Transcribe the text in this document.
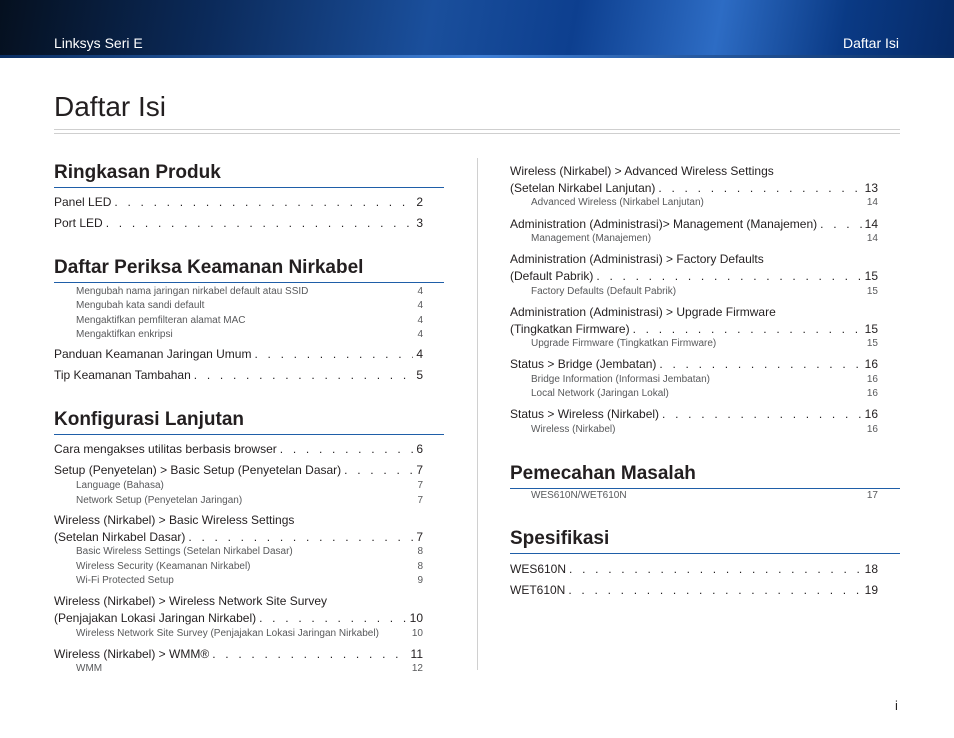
Linksys Seri E	Daftar Isi
Daftar Isi
Ringkasan Produk
Panel LED . . .	2
Port LED . . .	3
Daftar Periksa Keamanan Nirkabel
Mengubah nama jaringan nirkabel default atau SSID	4
Mengubah kata sandi default	4
Mengaktifkan pemfilteran alamat MAC	4
Mengaktifkan enkripsi	4
Panduan Keamanan Jaringan Umum . . .	4
Tip Keamanan Tambahan . . .	5
Konfigurasi Lanjutan
Cara mengakses utilitas berbasis browser . . .	6
Setup (Penyetelan) > Basic Setup (Penyetelan Dasar) . . .	7
Language (Bahasa)	7
Network Setup (Penyetelan Jaringan)	7
Wireless (Nirkabel) > Basic Wireless Settings
(Setelan Nirkabel Dasar) . . .	7
Basic Wireless Settings (Setelan Nirkabel Dasar)	8
Wireless Security (Keamanan Nirkabel)	8
Wi-Fi Protected Setup	9
Wireless (Nirkabel) > Wireless Network Site Survey
(Penjajakan Lokasi Jaringan Nirkabel) . . .	10
Wireless Network Site Survey (Penjajakan Lokasi Jaringan Nirkabel)	10
Wireless (Nirkabel) > WMM® . . .	11
WMM	12
Wireless (Nirkabel) > Advanced Wireless Settings
(Setelan Nirkabel Lanjutan) . . .	13
Advanced Wireless (Nirkabel Lanjutan)	14
Administration (Administrasi)> Management (Manajemen) . . .	14
Management (Manajemen)	14
Administration (Administrasi) > Factory Defaults
(Default Pabrik) . . .	15
Factory Defaults (Default Pabrik)	15
Administration (Administrasi) > Upgrade Firmware
(Tingkatkan Firmware) . . .	15
Upgrade Firmware (Tingkatkan Firmware)	15
Status > Bridge (Jembatan) . . .	16
Bridge Information (Informasi Jembatan)	16
Local Network (Jaringan Lokal)	16
Status > Wireless (Nirkabel) . . .	16
Wireless (Nirkabel)	16
Pemecahan Masalah
WES610N/WET610N	17
Spesifikasi
WES610N . . .	18
WET610N . . .	19
i
